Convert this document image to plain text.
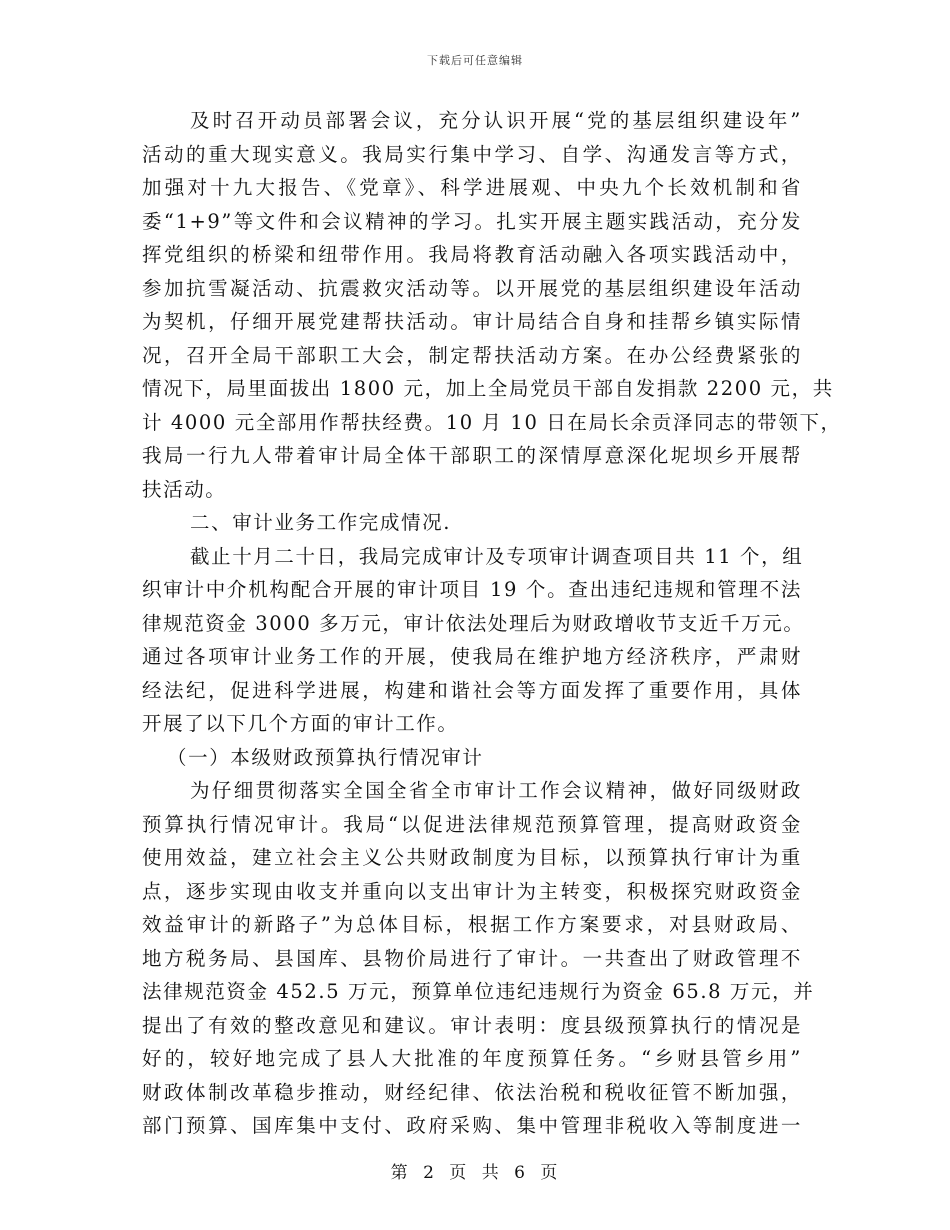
下载后可任意编辑
及时召开动员部署会议，充分认识开展“党的基层组织建设年”
活动的重大现实意义。我局实行集中学习、自学、沟通发言等方式，
加强对十九大报告、《党章》、科学进展观、中央九个长效机制和省
委“1+9”等文件和会议精神的学习。扎实开展主题实践活动，充分发
挥党组织的桥梁和纽带作用。我局将教育活动融入各项实践活动中，
参加抗雪凝活动、抗震救灾活动等。以开展党的基层组织建设年活动
为契机，仔细开展党建帮扶活动。审计局结合自身和挂帮乡镇实际情
况，召开全局干部职工大会，制定帮扶活动方案。在办公经费紧张的
情况下，局里面拔出 1800 元，加上全局党员干部自发捐款 2200 元，共
计 4000 元全部用作帮扶经费。10 月 10 日在局长余贡泽同志的带领下，
我局一行九人带着审计局全体干部职工的深情厚意深化坭坝乡开展帮
扶活动。
二、审计业务工作完成情况.
截止十月二十日，我局完成审计及专项审计调查项目共 11 个，组
织审计中介机构配合开展的审计项目 19 个。查出违纪违规和管理不法
律规范资金 3000 多万元，审计依法处理后为财政增收节支近千万元。
通过各项审计业务工作的开展，使我局在维护地方经济秩序，严肃财
经法纪，促进科学进展，构建和谐社会等方面发挥了重要作用，具体
开展了以下几个方面的审计工作。
（一）本级财政预算执行情况审计
为仔细贯彻落实全国全省全市审计工作会议精神，做好同级财政
预算执行情况审计。我局“以促进法律规范预算管理，提高财政资金
使用效益，建立社会主义公共财政制度为目标，以预算执行审计为重
点，逐步实现由收支并重向以支出审计为主转变，积极探究财政资金
效益审计的新路子”为总体目标，根据工作方案要求，对县财政局、
地方税务局、县国库、县物价局进行了审计。一共查出了财政管理不
法律规范资金 452.5 万元，预算单位违纪违规行为资金 65.8 万元，并
提出了有效的整改意见和建议。审计表明：度县级预算执行的情况是
好的，较好地完成了县人大批准的年度预算任务。“乡财县管乡用”
财政体制改革稳步推动，财经纪律、依法治税和税收征管不断加强，
部门预算、国库集中支付、政府采购、集中管理非税收入等制度进一
第 2 页 共 6 页
